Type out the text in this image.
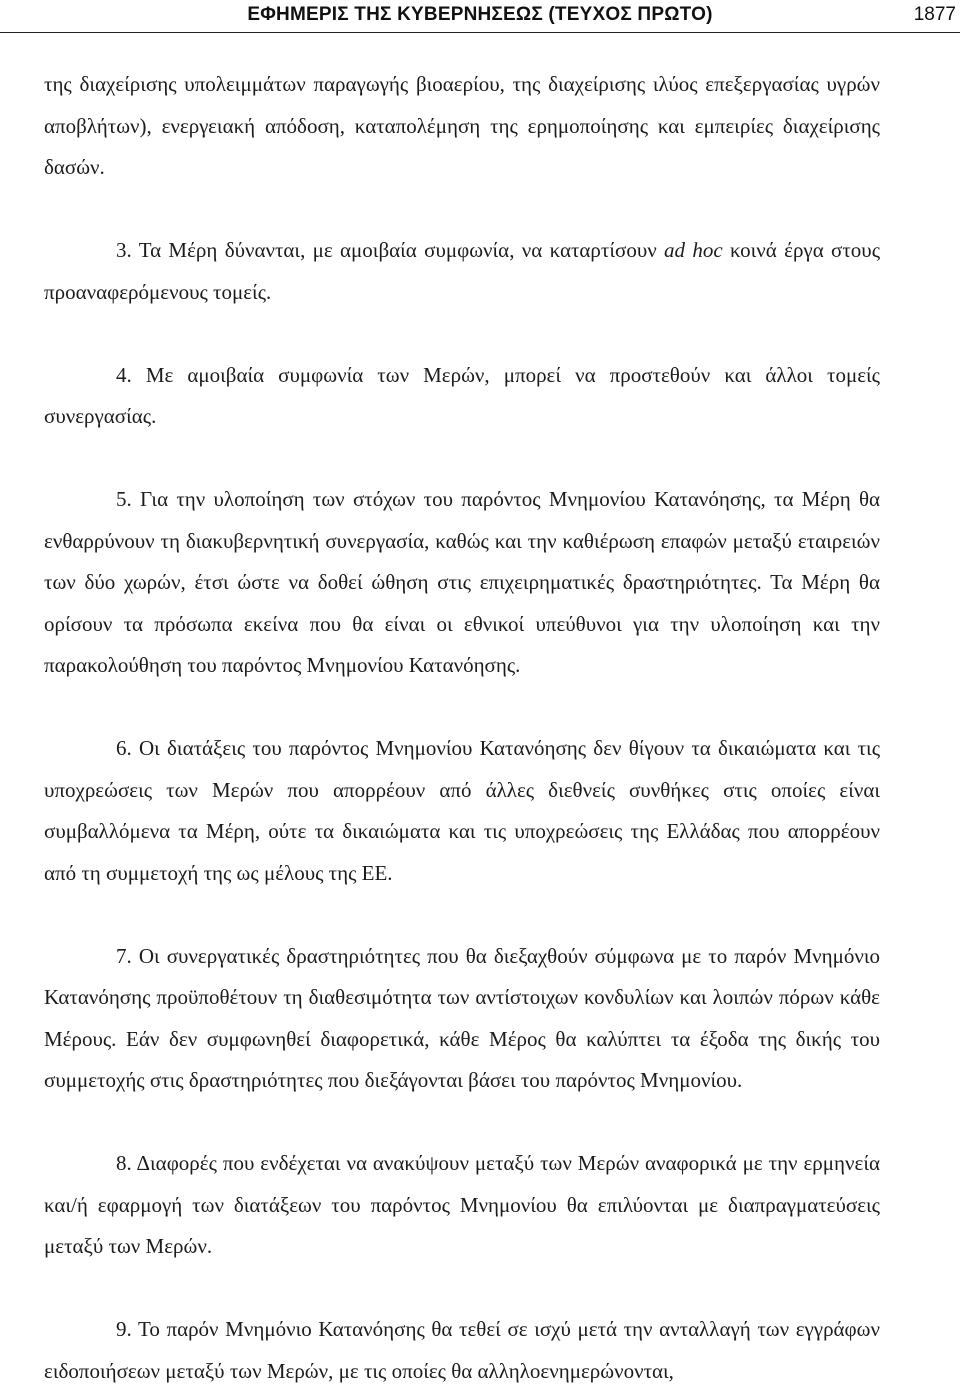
ΕΦΗΜΕΡΙΣ ΤΗΣ ΚΥΒΕΡΝΗΣΕΩΣ (ΤΕΥΧΟΣ ΠΡΩΤΟ)	1877

της διαχείρισης υπολειμμάτων παραγωγής βιοαερίου, της διαχείρισης ιλύος επεξεργασίας υγρών αποβλήτων), ενεργειακή απόδοση, καταπολέμηση της ερημοποίησης και εμπειρίες διαχείρισης δασών.

3. Τα Μέρη δύνανται, με αμοιβαία συμφωνία, να καταρτίσουν ad hoc κοινά έργα στους προαναφερόμενους τομείς.

4. Με αμοιβαία συμφωνία των Μερών, μπορεί να προστεθούν και άλλοι τομείς συνεργασίας.

5. Για την υλοποίηση των στόχων του παρόντος Μνημονίου Κατανόησης, τα Μέρη θα ενθαρρύνουν τη διακυβερνητική συνεργασία, καθώς και την καθιέρωση επαφών μεταξύ εταιρειών των δύο χωρών, έτσι ώστε να δοθεί ώθηση στις επιχειρηματικές δραστηριότητες. Τα Μέρη θα ορίσουν τα πρόσωπα εκείνα που θα είναι οι εθνικοί υπεύθυνοι για την υλοποίηση και την παρακολούθηση του παρόντος Μνημονίου Κατανόησης.

6. Οι διατάξεις του παρόντος Μνημονίου Κατανόησης δεν θίγουν τα δικαιώματα και τις υποχρεώσεις των Μερών που απορρέουν από άλλες διεθνείς συνθήκες στις οποίες είναι συμβαλλόμενα τα Μέρη, ούτε τα δικαιώματα και τις υποχρεώσεις της Ελλάδας που απορρέουν από τη συμμετοχή της ως μέλους της ΕΕ.

7. Οι συνεργατικές δραστηριότητες που θα διεξαχθούν σύμφωνα με το παρόν Μνημόνιο Κατανόησης προϋποθέτουν τη διαθεσιμότητα των αντίστοιχων κονδυλίων και λοιπών πόρων κάθε Μέρους. Εάν δεν συμφωνηθεί διαφορετικά, κάθε Μέρος θα καλύπτει τα έξοδα της δικής του συμμετοχής στις δραστηριότητες που διεξάγονται βάσει του παρόντος Μνημονίου.

8. Διαφορές που ενδέχεται να ανακύψουν μεταξύ των Μερών αναφορικά με την ερμηνεία και/ή εφαρμογή των διατάξεων του παρόντος Μνημονίου θα επιλύονται με διαπραγματεύσεις μεταξύ των Μερών.

9. Το παρόν Μνημόνιο Κατανόησης θα τεθεί σε ισχύ μετά την ανταλλαγή των εγγράφων ειδοποιήσεων μεταξύ των Μερών, με τις οποίες θα αλληλοενημερώνονται,
